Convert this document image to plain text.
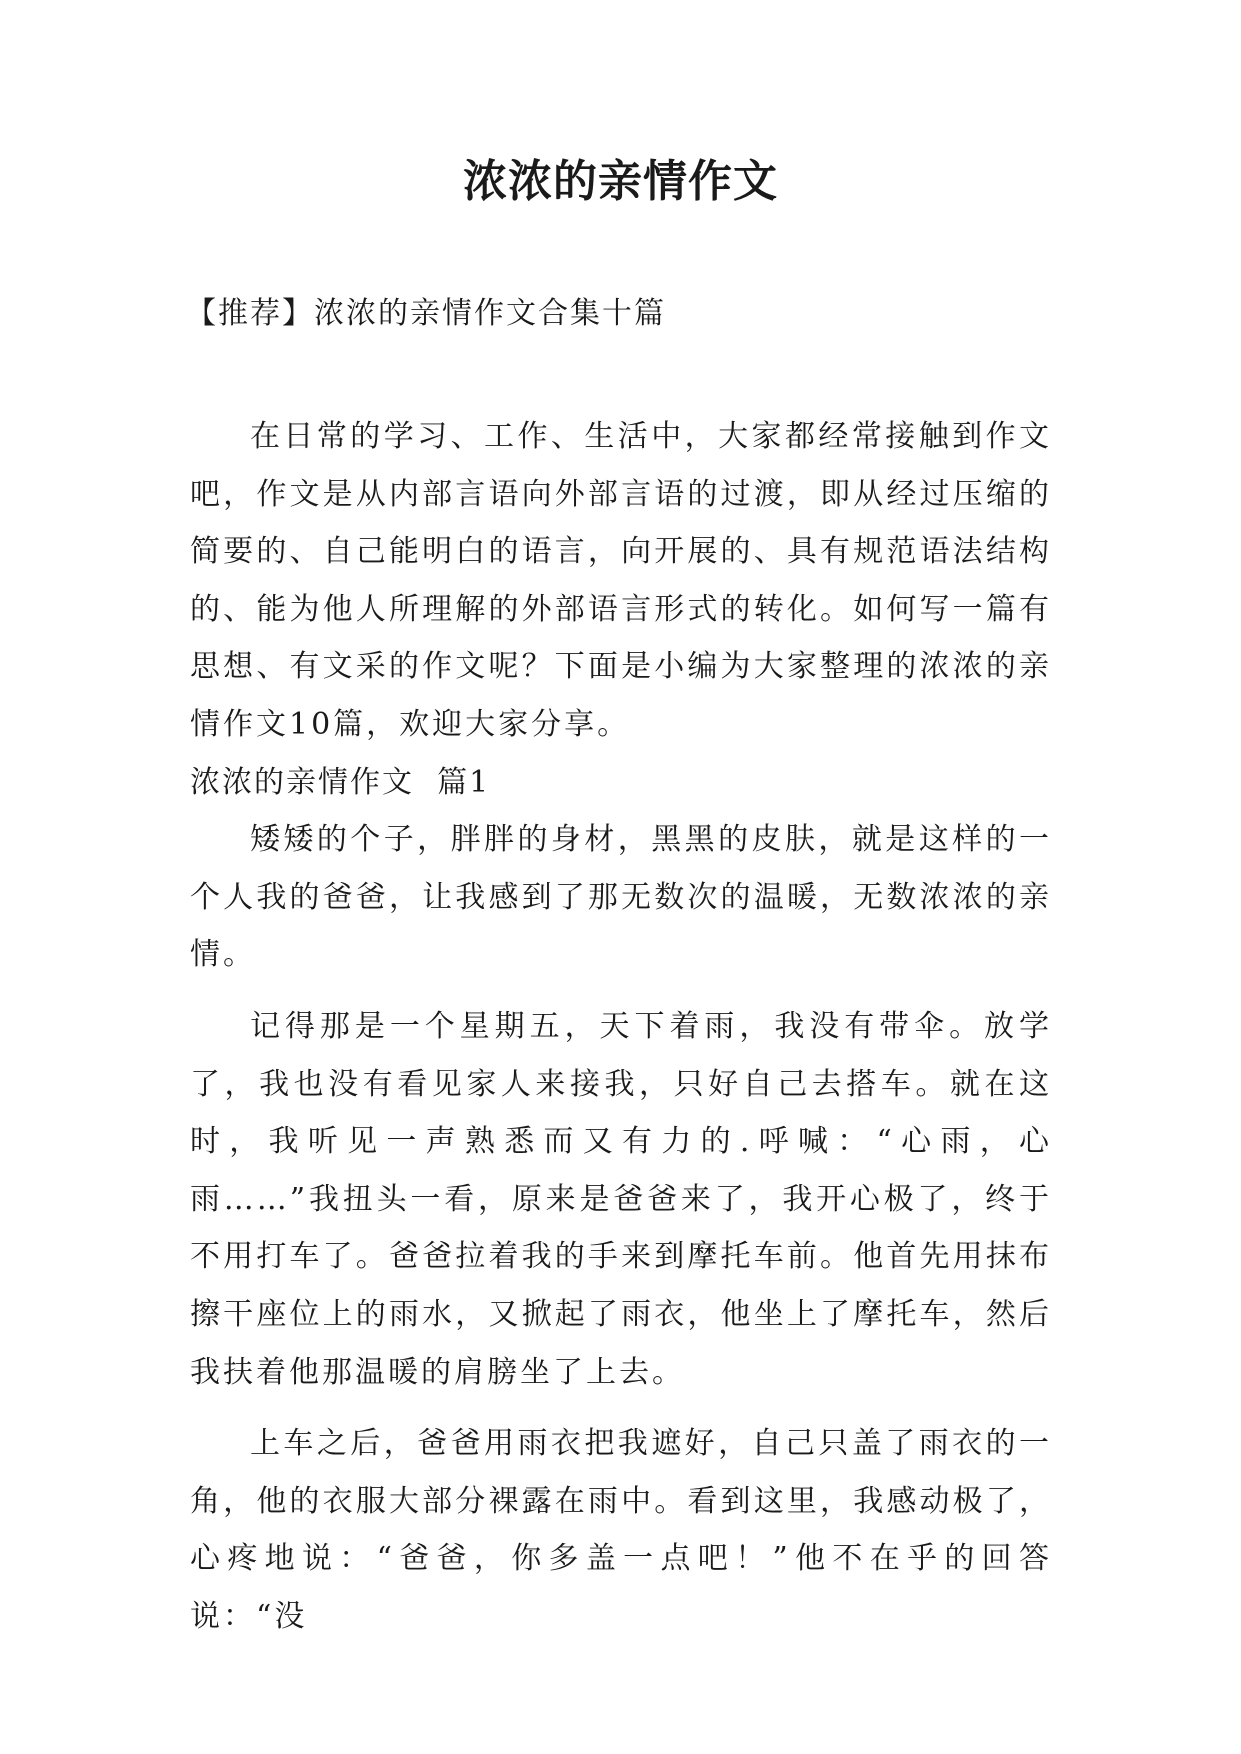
浓浓的亲情作文

【推荐】浓浓的亲情作文合集十篇

在日常的学习、工作、生活中，大家都经常接触到作文吧，作文是从内部言语向外部言语的过渡，即从经过压缩的简要的、自己能明白的语言，向开展的、具有规范语法结构的、能为他人所理解的外部语言形式的转化。如何写一篇有思想、有文采的作文呢？下面是小编为大家整理的浓浓的亲情作文10篇，欢迎大家分享。

浓浓的亲情作文  篇1

矮矮的个子，胖胖的身材，黑黑的皮肤，就是这样的一个人我的爸爸，让我感到了那无数次的温暖，无数浓浓的亲情。

记得那是一个星期五，天下着雨，我没有带伞。放学了，我也没有看见家人来接我，只好自己去搭车。就在这时，我听见一声熟悉而又有力的.呼喊：“心雨，心雨……”我扭头一看，原来是爸爸来了，我开心极了，终于不用打车了。爸爸拉着我的手来到摩托车前。他首先用抹布擦干座位上的雨水，又掀起了雨衣，他坐上了摩托车，然后我扶着他那温暖的肩膀坐了上去。

上车之后，爸爸用雨衣把我遮好，自己只盖了雨衣的一角，他的衣服大部分裸露在雨中。看到这里，我感动极了，心疼地说：“爸爸，你多盖一点吧！”他不在乎的回答说：“没
